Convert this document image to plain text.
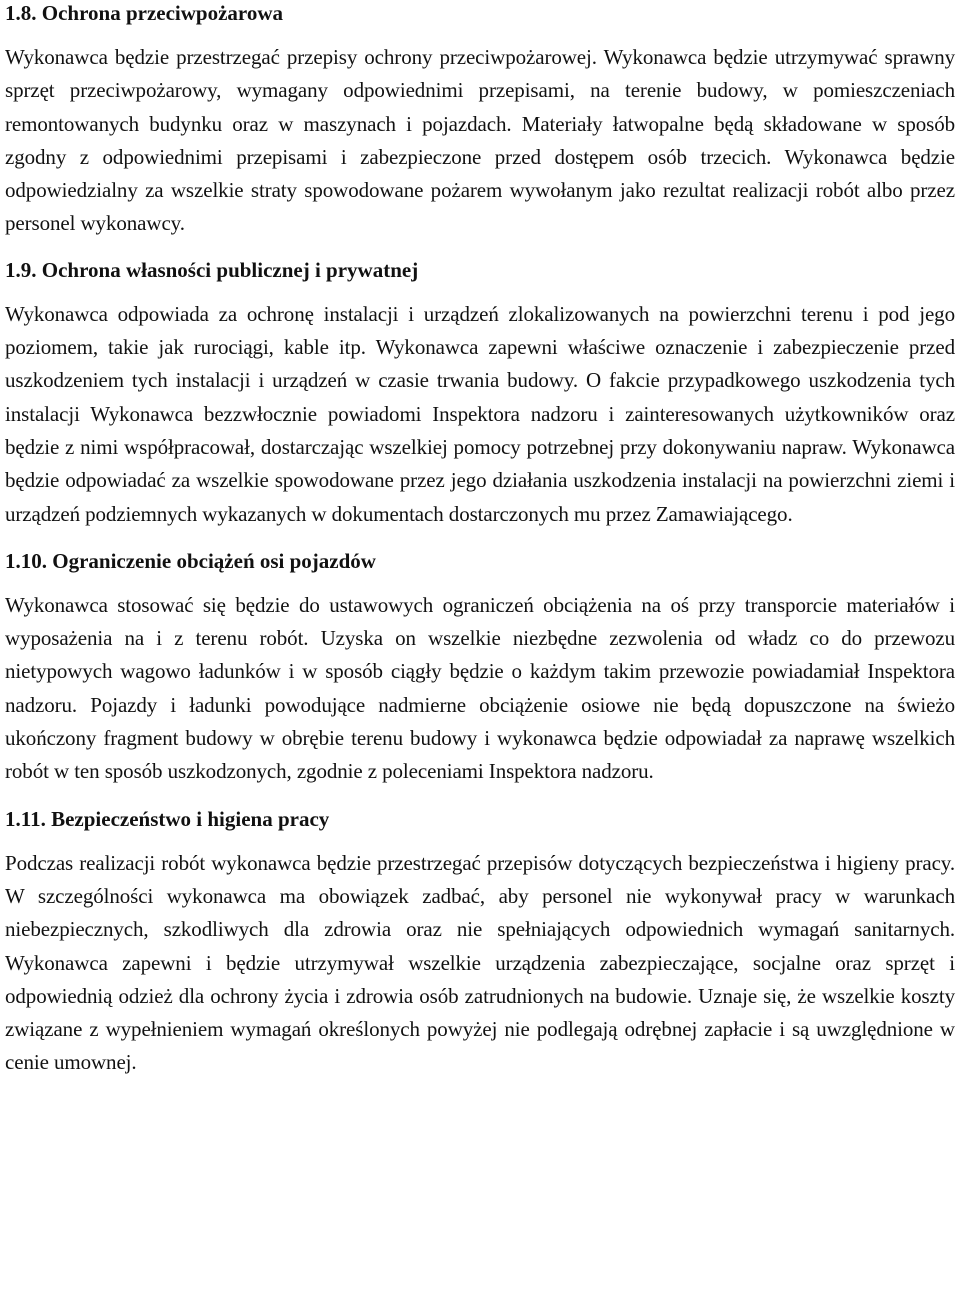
1.8. Ochrona przeciwpożarowa

Wykonawca będzie przestrzegać przepisy ochrony przeciwpożarowej. Wykonawca będzie utrzymywać sprawny sprzęt przeciwpożarowy, wymagany odpowiednimi przepisami, na terenie budowy, w pomieszczeniach remontowanych budynku oraz w maszynach i pojazdach. Materiały łatwopalne będą składowane w sposób zgodny z odpowiednimi przepisami i zabezpieczone przed dostępem osób trzecich. Wykonawca będzie odpowiedzialny za wszelkie straty spowodowane pożarem wywołanym jako rezultat realizacji robót albo przez personel wykonawcy.

1.9. Ochrona własności publicznej i prywatnej

Wykonawca odpowiada za ochronę instalacji i urządzeń zlokalizowanych na powierzchni terenu i pod jego poziomem, takie jak rurociągi, kable itp. Wykonawca zapewni właściwe oznaczenie i zabezpieczenie przed uszkodzeniem tych instalacji i urządzeń w czasie trwania budowy. O fakcie przypadkowego uszkodzenia tych instalacji Wykonawca bezzwłocznie powiadomi Inspektora nadzoru i zainteresowanych użytkowników oraz będzie z nimi współpracował, dostarczając wszelkiej pomocy potrzebnej przy dokonywaniu napraw. Wykonawca będzie odpowiadać za wszelkie spowodowane przez jego działania uszkodzenia instalacji na powierzchni ziemi i urządzeń podziemnych wykazanych w dokumentach dostarczonych mu przez Zamawiającego.

1.10. Ograniczenie obciążeń osi pojazdów

Wykonawca stosować się będzie do ustawowych ograniczeń obciążenia na oś przy transporcie materiałów i wyposażenia na i z terenu robót. Uzyska on wszelkie niezbędne zezwolenia od władz co do przewozu nietypowych wagowo ładunków i w sposób ciągły będzie o każdym takim przewozie powiadamiał Inspektora nadzoru. Pojazdy i ładunki powodujące nadmierne obciążenie osiowe nie będą dopuszczone na świeżo ukończony fragment budowy w obrębie terenu budowy i wykonawca będzie odpowiadał za naprawę wszelkich robót w ten sposób uszkodzonych, zgodnie z poleceniami Inspektora nadzoru.

1.11. Bezpieczeństwo i higiena pracy

Podczas realizacji robót wykonawca będzie przestrzegać przepisów dotyczących bezpieczeństwa i higieny pracy. W szczególności wykonawca ma obowiązek zadbać, aby personel nie wykonywał pracy w warunkach niebezpiecznych, szkodliwych dla zdrowia oraz nie spełniających odpowiednich wymagań sanitarnych. Wykonawca zapewni i będzie utrzymywał wszelkie urządzenia zabezpieczające, socjalne oraz sprzęt i odpowiednią odzież dla ochrony życia i zdrowia osób zatrudnionych na budowie. Uznaje się, że wszelkie koszty związane z wypełnieniem wymagań określonych powyżej nie podlegają odrębnej zapłacie i są uwzględnione w cenie umownej.
